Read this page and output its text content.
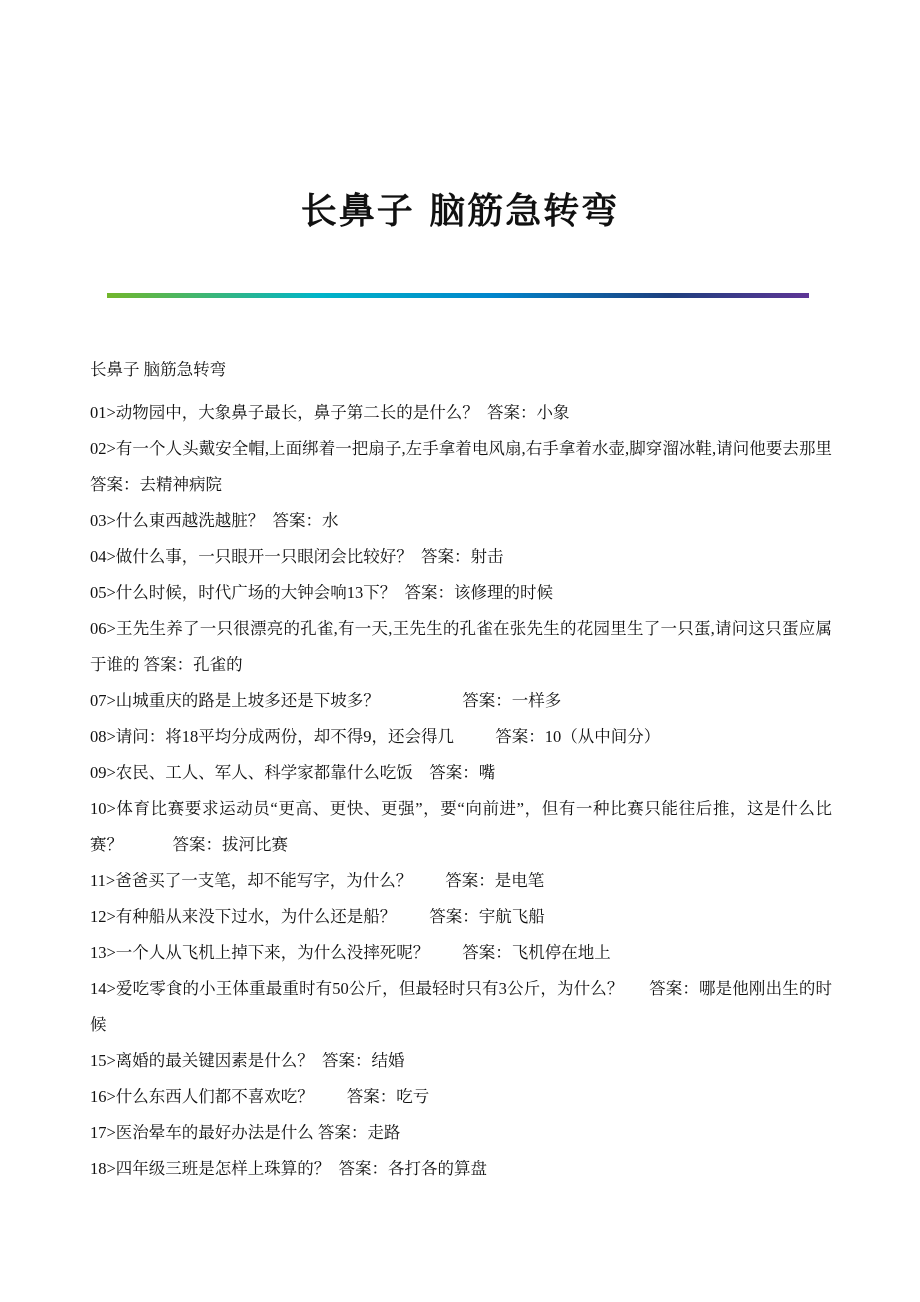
长鼻子 脑筋急转弯
长鼻子 脑筋急转弯
01>动物园中，大象鼻子最长，鼻子第二长的是什么？  答案：小象
02>有一个人头戴安全帽,上面绑着一把扇子,左手拿着电风扇,右手拿着水壶,脚穿溜冰鞋,请问他要去那里 答案：去精神病院
03>什么東西越洗越脏？  答案：水
04>做什么事，一只眼开一只眼闭会比较好？  答案：射击
05>什么时候，时代广场的大钟会响13下？  答案：该修理的时候
06>王先生养了一只很漂亮的孔雀,有一天,王先生的孔雀在张先生的花园里生了一只蛋,请问这只蛋应属于谁的 答案：孔雀的
07>山城重庆的路是上坡多还是下坡多？                    答案：一样多
08>请问：将18平均分成两份，却不得9，还会得几          答案：10（从中间分）
09>农民、工人、军人、科学家都靠什么吃饭    答案：嘴
10>体育比赛要求运动员“更高、更快、更强”，要“向前进”，但有一种比赛只能往后推，这是什么比赛？            答案：拔河比赛
11>爸爸买了一支笔，却不能写字，为什么？        答案：是电笔
12>有种船从来没下过水，为什么还是船？        答案：宇航飞船
13>一个人从飞机上掉下来，为什么没摔死呢？        答案：飞机停在地上
14>爱吃零食的小王体重最重时有50公斤，但最轻时只有3公斤，为什么？      答案：哪是他刚出生的时候
15>离婚的最关键因素是什么？  答案：结婚
16>什么东西人们都不喜欢吃？        答案：吃亏
17>医治晕车的最好办法是什么 答案：走路
18>四年级三班是怎样上珠算的？  答案：各打各的算盘
